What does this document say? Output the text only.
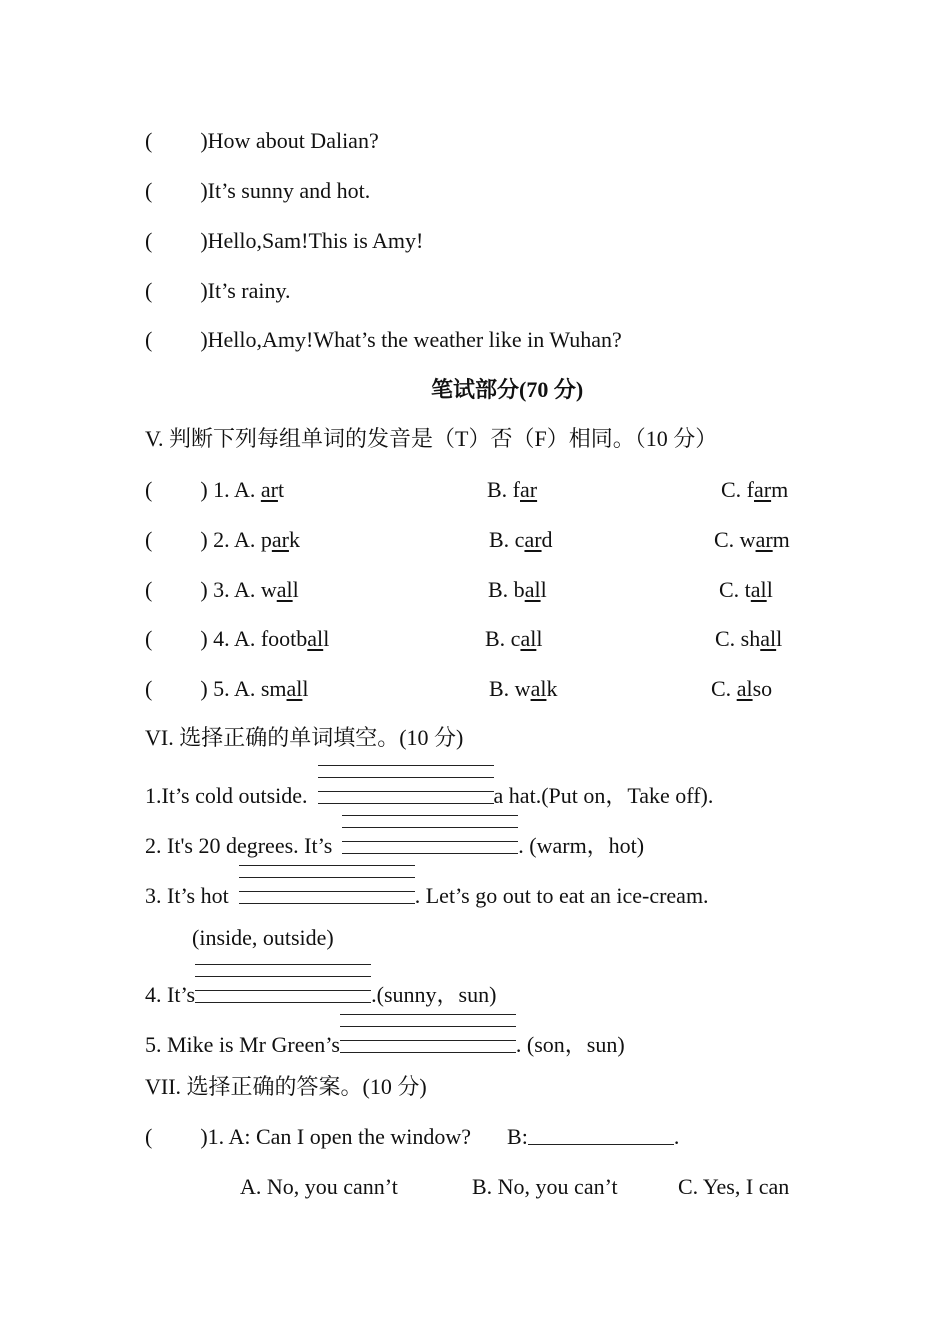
( )How about Dalian?
( )It’s sunny and hot.
( )Hello,Sam!This is Amy!
( )It’s rainy.
( )Hello,Amy!What’s the weather like in Wuhan?
笔试部分(70 分)
V. 判断下列每组单词的发音是（T）否（F）相同。（10 分）
( ) 1. A. art	B. far	C. farm
( ) 2. A. park	B. card	C. warm
( ) 3. A. wall	B. ball	C. tall
( ) 4. A. football	B. call	C. shall
( ) 5. A. small	B. walk	C. also
VI. 选择正确的单词填空。(10 分)
1.It’s cold outside.	a hat.(Put on，Take off).
2. It's 20 degrees. It’s	. (warm，hot)
3. It’s hot	. Let’s go out to eat an ice-cream.
(inside, outside)
4. It’s	.(sunny，sun)
5. Mike is Mr Green’s	. (son，sun)
VII. 选择正确的答案。(10 分)
( )1. A: Can I open the window? B:	.
A. No, you cann’t	B. No, you can’t	C. Yes, I can
